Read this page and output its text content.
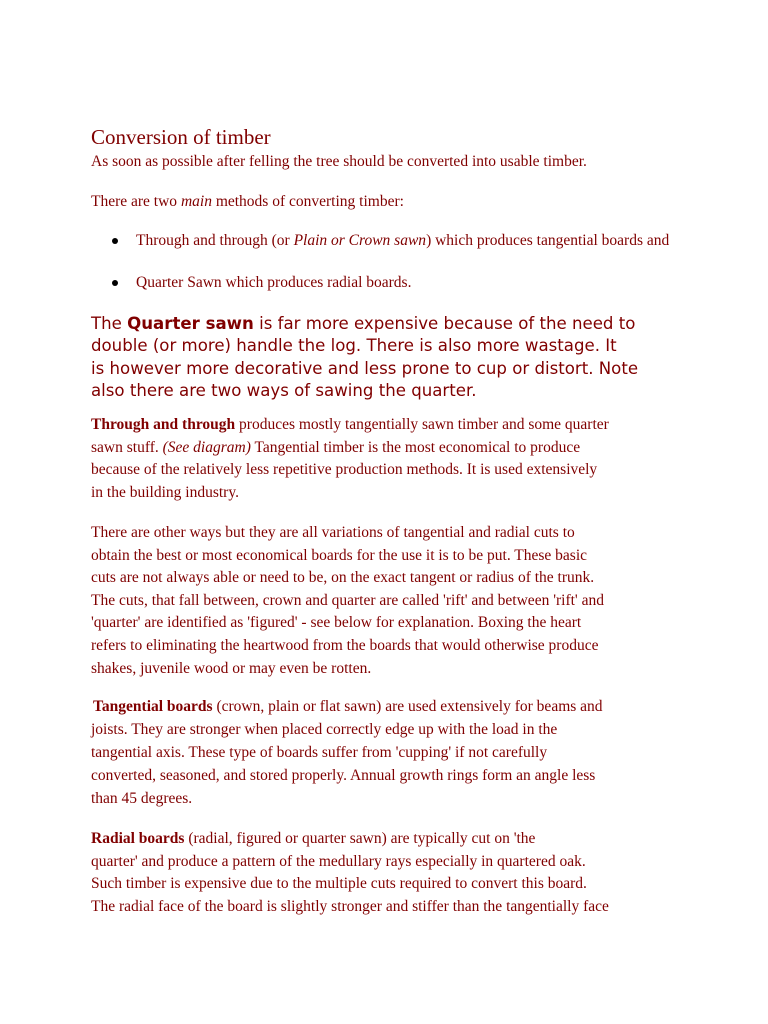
Conversion of timber

As soon as possible after felling the tree should be converted into usable timber.

There are two main methods of converting timber:

Through and through (or Plain or Crown sawn) which produces tangential boards and

Quarter Sawn which produces radial boards.

The Quarter sawn is far more expensive because of the need to
double (or more) handle the log. There is also more wastage. It
is however more decorative and less prone to cup or distort. Note
also there are two ways of sawing the quarter.

Through and through produces mostly tangentially sawn timber and some quarter
sawn stuff. (See diagram) Tangential timber is the most economical to produce
because of the relatively less repetitive production methods. It is used extensively
in the building industry.

There are other ways but they are all variations of tangential and radial cuts to
obtain the best or most economical boards for the use it is to be put. These basic
cuts are not always able or need to be, on the exact tangent or radius of the trunk.
The cuts, that fall between, crown and quarter are called 'rift' and between 'rift' and
'quarter' are identified as 'figured' - see below for explanation. Boxing the heart
refers to eliminating the heartwood from the boards that would otherwise produce
shakes, juvenile wood or may even be rotten.

Tangential boards (crown, plain or flat sawn) are used extensively for beams and
joists. They are stronger when placed correctly edge up with the load in the
tangential axis. These type of boards suffer from 'cupping' if not carefully
converted, seasoned, and stored properly. Annual growth rings form an angle less
than 45 degrees.

Radial boards (radial, figured or quarter sawn) are typically cut on 'the
quarter' and produce a pattern of the medullary rays especially in quartered oak.
Such timber is expensive due to the multiple cuts required to convert this board.
The radial face of the board is slightly stronger and stiffer than the tangentially face
